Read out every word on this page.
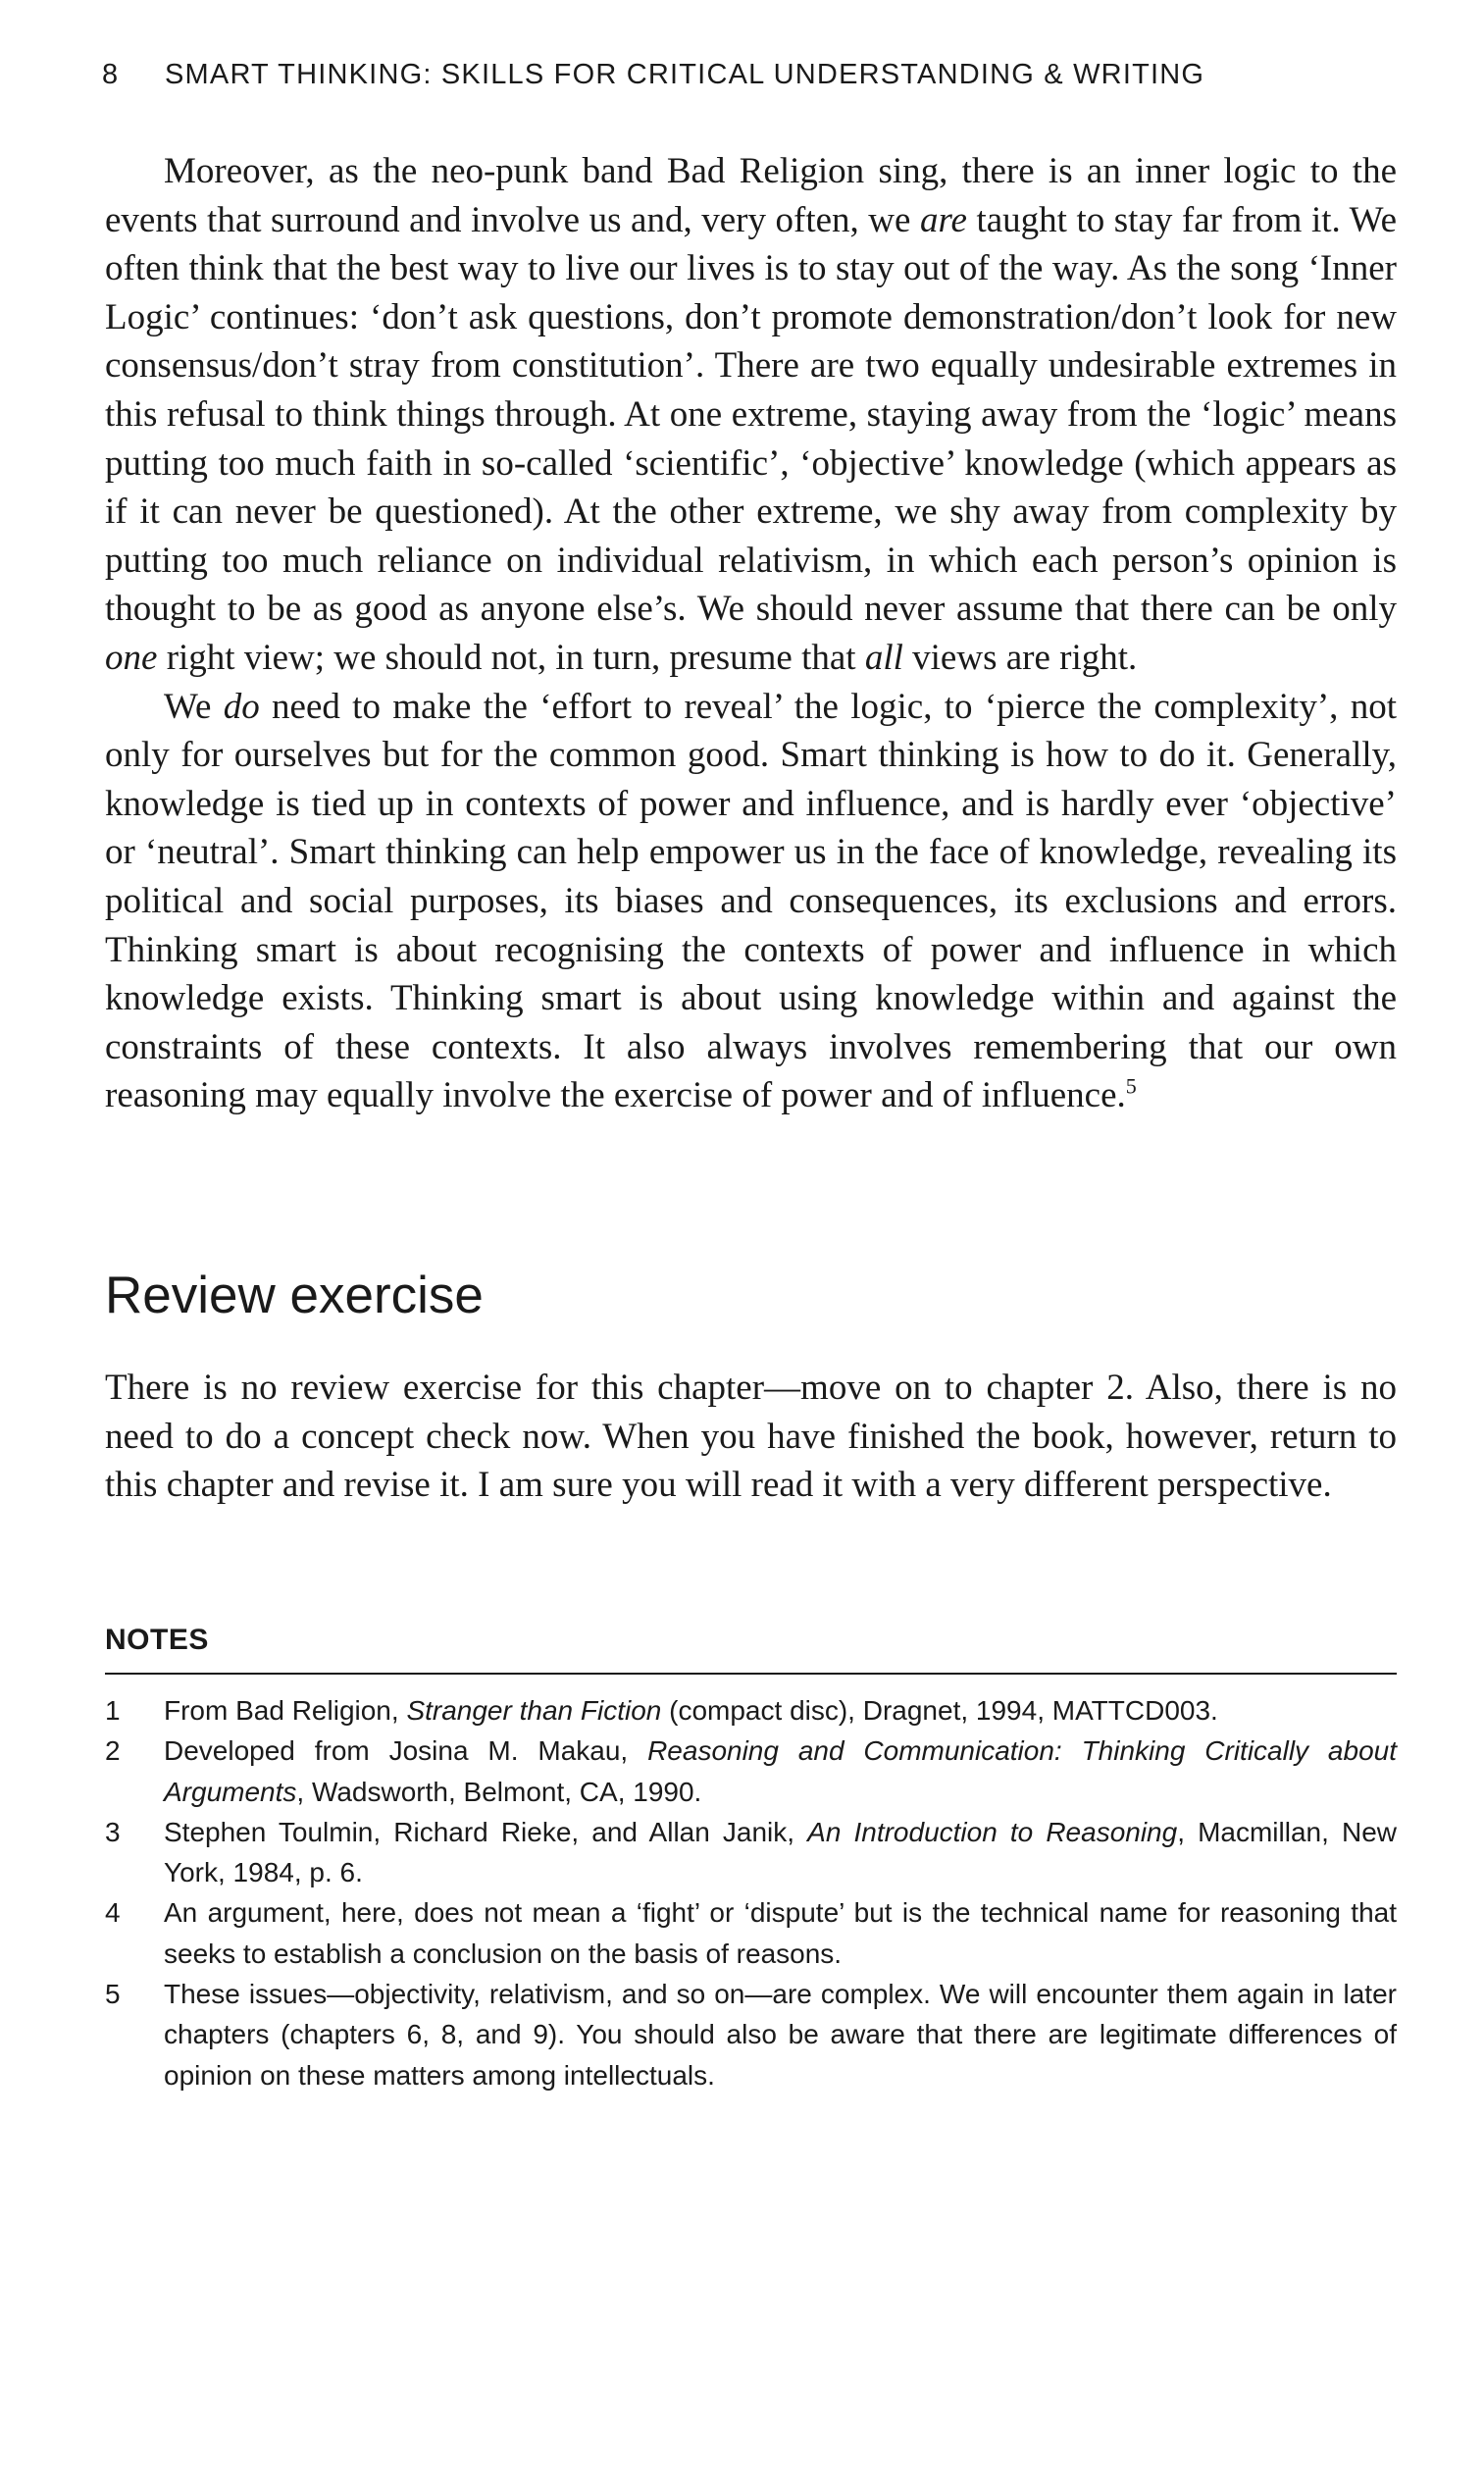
8 SMART THINKING: SKILLS FOR CRITICAL UNDERSTANDING & WRITING

Moreover, as the neo-punk band Bad Religion sing, there is an inner logic to the events that surround and involve us and, very often, we are taught to stay far from it. We often think that the best way to live our lives is to stay out of the way. As the song ‘Inner Logic’ continues: ‘don’t ask questions, don’t promote demonstration/don’t look for new consensus/don’t stray from constitution’. There are two equally undesirable extremes in this refusal to think things through. At one extreme, staying away from the ‘logic’ means putting too much faith in so-called ‘scientific’, ‘objective’ knowledge (which appears as if it can never be questioned). At the other extreme, we shy away from complexity by putting too much reliance on individual relativism, in which each person’s opinion is thought to be as good as anyone else’s. We should never assume that there can be only one right view; we should not, in turn, presume that all views are right.

We do need to make the ‘effort to reveal’ the logic, to ‘pierce the complexity’, not only for ourselves but for the common good. Smart thinking is how to do it. Generally, knowledge is tied up in contexts of power and influence, and is hardly ever ‘objective’ or ‘neutral’. Smart thinking can help empower us in the face of knowledge, revealing its political and social purposes, its biases and consequences, its exclusions and errors. Thinking smart is about recognising the contexts of power and influence in which knowledge exists. Thinking smart is about using knowledge within and against the constraints of these contexts. It also always involves remembering that our own reasoning may equally involve the exercise of power and of influence.$^5$

Review exercise

There is no review exercise for this chapter—move on to chapter 2. Also, there is no need to do a concept check now. When you have finished the book, however, return to this chapter and revise it. I am sure you will read it with a very different perspective.

NOTES
1	From Bad Religion, Stranger than Fiction (compact disc), Dragnet, 1994, MATTCD003.
2	Developed from Josina M. Makau, Reasoning and Communication: Thinking Critically about Arguments, Wadsworth, Belmont, CA, 1990.
3	Stephen Toulmin, Richard Rieke, and Allan Janik, An Introduction to Reasoning, Macmillan, New York, 1984, p. 6.
4	An argument, here, does not mean a ‘fight’ or ‘dispute’ but is the technical name for reasoning that seeks to establish a conclusion on the basis of reasons.
5	These issues—objectivity, relativism, and so on—are complex. We will encounter them again in later chapters (chapters 6, 8, and 9). You should also be aware that there are legitimate differences of opinion on these matters among intellectuals.
